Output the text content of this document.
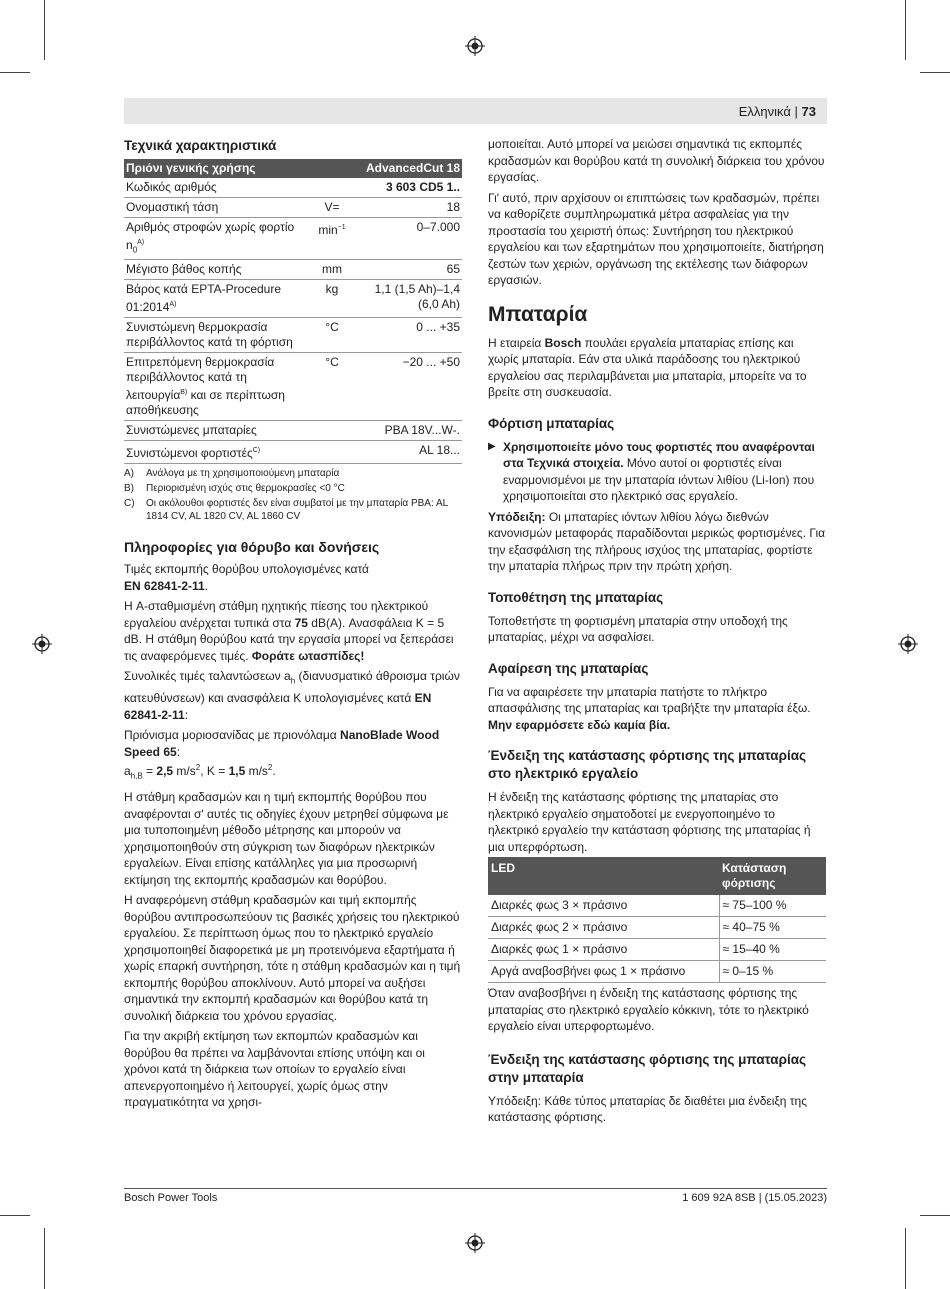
Ελληνικά | 73
Τεχνικά χαρακτηριστικά
Πριόνι γενικής χρήσης		AdvancedCut 18
Κωδικός αριθμός		3 603 CD5 1..
Ονομαστική τάση	V=	18
Αριθμός στροφών χωρίς φορτίο $n_0^{A)}$	$\min^{-1}$	0–7.000
Μέγιστο βάθος κοπής	mm	65
Βάρος κατά EPTA-Procedure $01:2014^{A)}$	kg	1,1 (1,5 Ah)–1,4 (6,0 Ah)
Συνιστώμενη θερμοκρασία περιβάλλοντος κατά τη φόρτιση	°C	0 ... +35
Επιτρεπόμενη θερμοκρασία περιβάλλοντος κατά τη λειτουργία$^{B)}$ και σε περίπτωση αποθήκευσης	°C	−20 ... +50
Συνιστώμενες μπαταρίες		PBA 18V...W-.
Συνιστώμενοι φορτιστές$^{C)}$		AL 18...
A)	Ανάλογα με τη χρησιμοποιούμενη μπαταρία
B)	Περιορισμένη ισχύς στις θερμοκρασίες <0 °C
C)	Οι ακόλουθοι φορτιστές δεν είναι συμβατοί με την μπαταρία PBA: AL 1814 CV, AL 1820 CV, AL 1860 CV
Πληροφορίες για θόρυβο και δονήσεις

Τιμές εκπομπής θορύβου υπολογισμένες κατά
EN 62841-2-11.

Η A-σταθμισμένη στάθμη ηχητικής πίεσης του ηλεκτρικού εργαλείου ανέρχεται τυπικά στα 75 dB(A). Ανασφάλεια K = 5 dB. Η στάθμη θορύβου κατά την εργασία μπορεί να ξεπεράσει τις αναφερόμενες τιμές. Φοράτε ωτασπίδες!

Συνολικές τιμές ταλαντώσεων $a_h$ (διανυσματικό άθροισμα τριών κατευθύνσεων) και ανασφάλεια K υπολογισμένες κατά EN 62841-2-11:

Πριόνισμα μοριοσανίδας με πριονόλαμα NanoBlade Wood Speed 65:

$a_{h,B} = 2,5$ $m/s^2$, K = 1,5 $m/s^2$.

Η στάθμη κραδασμών και η τιμή εκπομπής θορύβου που αναφέρονται σ' αυτές τις οδηγίες έχουν μετρηθεί σύμφωνα με μια τυποποιημένη μέθοδο μέτρησης και μπορούν να χρησιμοποιηθούν στη σύγκριση των διαφόρων ηλεκτρικών εργαλείων. Είναι επίσης κατάλληλες για μια προσωρινή εκτίμηση της εκπομπής κραδασμών και θορύβου.

Η αναφερόμενη στάθμη κραδασμών και τιμή εκπομπής θορύβου αντιπροσωπεύουν τις βασικές χρήσεις του ηλεκτρικού εργαλείου. Σε περίπτωση όμως που το ηλεκτρικό εργαλείο χρησιμοποιηθεί διαφορετικά με μη προτεινόμενα εξαρτήματα ή χωρίς επαρκή συντήρηση, τότε η στάθμη κραδασμών και η τιμή εκπομπής θορύβου αποκλίνουν. Αυτό μπορεί να αυξήσει σημαντικά την εκπομπή κραδασμών και θορύβου κατά τη συνολική διάρκεια του χρόνου εργασίας.

Για την ακριβή εκτίμηση των εκπομπών κραδασμών και θορύβου θα πρέπει να λαμβάνονται επίσης υπόψη και οι χρόνοι κατά τη διάρκεια των οποίων το εργαλείο είναι απενεργοποιημένο ή λειτουργεί, χωρίς όμως στην πραγματικότητα να χρησι-

μοποιείται. Αυτό μπορεί να μειώσει σημαντικά τις εκπομπές κραδασμών και θορύβου κατά τη συνολική διάρκεια του χρόνου εργασίας.

Γι' αυτό, πριν αρχίσουν οι επιπτώσεις των κραδασμών, πρέπει να καθορίζετε συμπληρωματικά μέτρα ασφαλείας για την προστασία του χειριστή όπως: Συντήρηση του ηλεκτρικού εργαλείου και των εξαρτημάτων που χρησιμοποιείτε, διατήρηση ζεστών των χεριών, οργάνωση της εκτέλεσης των διάφορων εργασιών.

Μπαταρία

Η εταιρεία Bosch πουλάει εργαλεία μπαταρίας επίσης και χωρίς μπαταρία. Εάν στα υλικά παράδοσης του ηλεκτρικού εργαλείου σας περιλαμβάνεται μια μπαταρία, μπορείτε να το βρείτε στη συσκευασία.

Φόρτιση μπαταρίας
▶ Χρησιμοποιείτε μόνο τους φορτιστές που αναφέρονται στα Τεχνικά στοιχεία. Μόνο αυτοί οι φορτιστές είναι εναρμονισμένοι με την μπαταρία ιόντων λιθίου (Li-Ion) που χρησιμοποιείται στο ηλεκτρικό σας εργαλείο.

Υπόδειξη: Οι μπαταρίες ιόντων λιθίου λόγω διεθνών κανονισμών μεταφοράς παραδίδονται μερικώς φορτισμένες. Για την εξασφάλιση της πλήρους ισχύος της μπαταρίας, φορτίστε την μπαταρία πλήρως πριν την πρώτη χρήση.

Τοποθέτηση της μπαταρίας

Τοποθετήστε τη φορτισμένη μπαταρία στην υποδοχή της μπαταρίας, μέχρι να ασφαλίσει.

Αφαίρεση της μπαταρίας

Για να αφαιρέσετε την μπαταρία πατήστε το πλήκτρο απασφάλισης της μπαταρίας και τραβήξτε την μπαταρία έξω. Μην εφαρμόσετε εδώ καμία βία.

Ένδειξη της κατάστασης φόρτισης της μπαταρίας στο ηλεκτρικό εργαλείο

Η ένδειξη της κατάστασης φόρτισης της μπαταρίας στο ηλεκτρικό εργαλείο σηματοδοτεί με ενεργοποιημένο το ηλεκτρικό εργαλείο την κατάσταση φόρτισης της μπαταρίας ή μια υπερφόρτωση.

LED	Κατάσταση φόρτισης
Διαρκές φως 3 × πράσινο	≈ 75–100 %
Διαρκές φως 2 × πράσινο	≈ 40–75 %
Διαρκές φως 1 × πράσινο	≈ 15–40 %
Αργά αναβοσβήνει φως 1 × πράσινο	≈ 0–15 %

Όταν αναβοσβήνει η ένδειξη της κατάστασης φόρτισης της μπαταρίας στο ηλεκτρικό εργαλείο κόκκινη, τότε το ηλεκτρικό εργαλείο είναι υπερφορτωμένο.

Ένδειξη της κατάστασης φόρτισης της μπαταρίας στην μπαταρία

Υπόδειξη: Κάθε τύπος μπαταρίας δε διαθέτει μια ένδειξη της κατάστασης φόρτισης.

Bosch Power Tools	1 609 92A 8SB | (15.05.2023)
